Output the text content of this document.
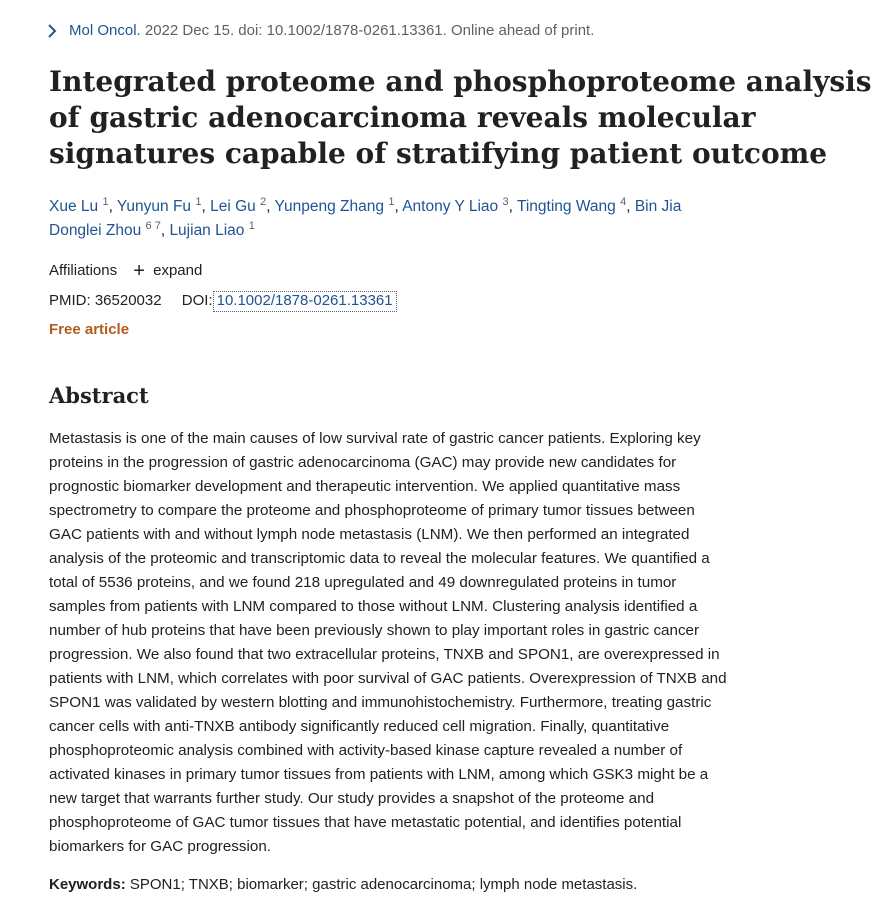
Mol Oncol. 2022 Dec 15. doi: 10.1002/1878-0261.13361. Online ahead of print.
Integrated proteome and phosphoproteome analysis
of gastric adenocarcinoma reveals molecular
signatures capable of stratifying patient outcome
Xue Lu $^1$, Yunyun Fu $^1$, Lei Gu $^2$, Yunpeng Zhang $^1$, Antony Y Liao $^3$, Tingting Wang $^4$, Bin Jia
Donglei Zhou $^{6 7}$, Lujian Liao $^1$
Affiliations + expand
PMID: 36520032 DOI: 10.1002/1878-0261.13361
Free article
Abstract
Metastasis is one of the main causes of low survival rate of gastric cancer patients. Exploring key
proteins in the progression of gastric adenocarcinoma (GAC) may provide new candidates for
prognostic biomarker development and therapeutic intervention. We applied quantitative mass
spectrometry to compare the proteome and phosphoproteome of primary tumor tissues between
GAC patients with and without lymph node metastasis (LNM). We then performed an integrated
analysis of the proteomic and transcriptomic data to reveal the molecular features. We quantified a
total of 5536 proteins, and we found 218 upregulated and 49 downregulated proteins in tumor
samples from patients with LNM compared to those without LNM. Clustering analysis identified a
number of hub proteins that have been previously shown to play important roles in gastric cancer
progression. We also found that two extracellular proteins, TNXB and SPON1, are overexpressed in
patients with LNM, which correlates with poor survival of GAC patients. Overexpression of TNXB and
SPON1 was validated by western blotting and immunohistochemistry. Furthermore, treating gastric
cancer cells with anti-TNXB antibody significantly reduced cell migration. Finally, quantitative
phosphoproteomic analysis combined with activity-based kinase capture revealed a number of
activated kinases in primary tumor tissues from patients with LNM, among which GSK3 might be a
new target that warrants further study. Our study provides a snapshot of the proteome and
phosphoproteome of GAC tumor tissues that have metastatic potential, and identifies potential
biomarkers for GAC progression.
Keywords: SPON1; TNXB; biomarker; gastric adenocarcinoma; lymph node metastasis.
